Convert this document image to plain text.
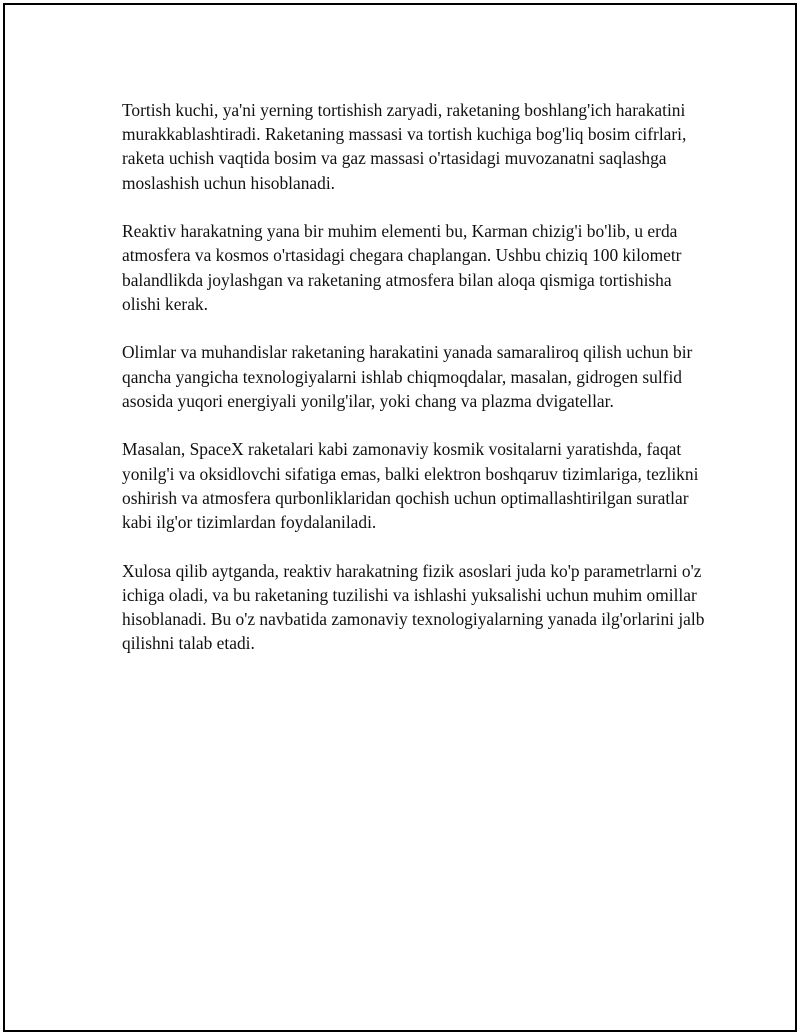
Tortish kuchi, ya'ni yerning tortishish zaryadi, raketaning boshlang'ich harakatini murakkablashtiradi. Raketaning massasi va tortish kuchiga bog'liq bosim cifrlari, raketa uchish vaqtida bosim va gaz massasi o'rtasidagi muvozanatni saqlashga moslashish uchun hisoblanadi.

Reaktiv harakatning yana bir muhim elementi bu, Karman chizig'i bo'lib, u erda atmosfera va kosmos o'rtasidagi chegara chaplangan. Ushbu chiziq 100 kilometr balandlikda joylashgan va raketaning atmosfera bilan aloqa qismiga tortishisha olishi kerak.

Olimlar va muhandislar raketaning harakatini yanada samaraliroq qilish uchun bir qancha yangicha texnologiyalarni ishlab chiqmoqdalar, masalan, gidrogen sulfid asosida yuqori energiyali yonilg'ilar, yoki chang va plazma dvigatellar.

Masalan, SpaceX raketalari kabi zamonaviy kosmik vositalarni yaratishda, faqat yonilg'i va oksidlovchi sifatiga emas, balki elektron boshqaruv tizimlariga, tezlikni oshirish va atmosfera qurbonliklaridan qochish uchun optimallashtirilgan suratlar kabi ilg'or tizimlardan foydalaniladi.

Xulosa qilib aytganda, reaktiv harakatning fizik asoslari juda ko'p parametrlarni o'z ichiga oladi, va bu raketaning tuzilishi va ishlashi yuksalishi uchun muhim omillar hisoblanadi. Bu o'z navbatida zamonaviy texnologiyalarning yanada ilg'orlarini jalb qilishni talab etadi.
